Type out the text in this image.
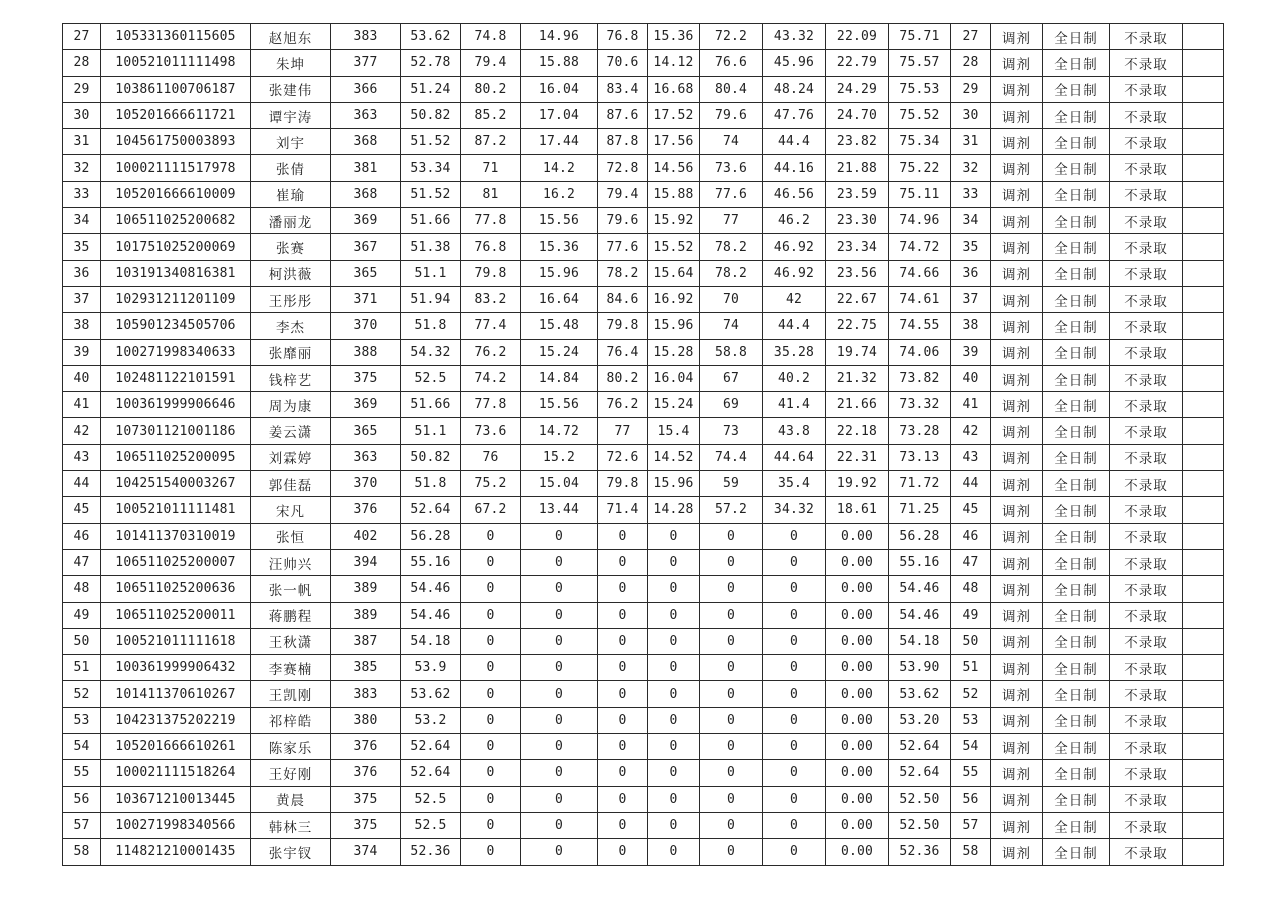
27	105331360115605	赵旭东	383	53.62	74.8	14.96	76.8	15.36	72.2	43.32	22.09	75.71	27	调剂	全日制	不录取	
28	100521011111498	朱坤	377	52.78	79.4	15.88	70.6	14.12	76.6	45.96	22.79	75.57	28	调剂	全日制	不录取	
29	103861100706187	张建伟	366	51.24	80.2	16.04	83.4	16.68	80.4	48.24	24.29	75.53	29	调剂	全日制	不录取	
30	105201666611721	谭宇涛	363	50.82	85.2	17.04	87.6	17.52	79.6	47.76	24.70	75.52	30	调剂	全日制	不录取	
31	104561750003893	刘宇	368	51.52	87.2	17.44	87.8	17.56	74	44.4	23.82	75.34	31	调剂	全日制	不录取	
32	100021111517978	张倩	381	53.34	71	14.2	72.8	14.56	73.6	44.16	21.88	75.22	32	调剂	全日制	不录取	
33	105201666610009	崔瑜	368	51.52	81	16.2	79.4	15.88	77.6	46.56	23.59	75.11	33	调剂	全日制	不录取	
34	106511025200682	潘丽龙	369	51.66	77.8	15.56	79.6	15.92	77	46.2	23.30	74.96	34	调剂	全日制	不录取	
35	101751025200069	张赛	367	51.38	76.8	15.36	77.6	15.52	78.2	46.92	23.34	74.72	35	调剂	全日制	不录取	
36	103191340816381	柯洪薇	365	51.1	79.8	15.96	78.2	15.64	78.2	46.92	23.56	74.66	36	调剂	全日制	不录取	
37	102931211201109	王彤彤	371	51.94	83.2	16.64	84.6	16.92	70	42	22.67	74.61	37	调剂	全日制	不录取	
38	105901234505706	李杰	370	51.8	77.4	15.48	79.8	15.96	74	44.4	22.75	74.55	38	调剂	全日制	不录取	
39	100271998340633	张靡丽	388	54.32	76.2	15.24	76.4	15.28	58.8	35.28	19.74	74.06	39	调剂	全日制	不录取	
40	102481122101591	钱梓艺	375	52.5	74.2	14.84	80.2	16.04	67	40.2	21.32	73.82	40	调剂	全日制	不录取	
41	100361999906646	周为康	369	51.66	77.8	15.56	76.2	15.24	69	41.4	21.66	73.32	41	调剂	全日制	不录取	
42	107301121001186	姜云潇	365	51.1	73.6	14.72	77	15.4	73	43.8	22.18	73.28	42	调剂	全日制	不录取	
43	106511025200095	刘霖婷	363	50.82	76	15.2	72.6	14.52	74.4	44.64	22.31	73.13	43	调剂	全日制	不录取	
44	104251540003267	郭佳磊	370	51.8	75.2	15.04	79.8	15.96	59	35.4	19.92	71.72	44	调剂	全日制	不录取	
45	100521011111481	宋凡	376	52.64	67.2	13.44	71.4	14.28	57.2	34.32	18.61	71.25	45	调剂	全日制	不录取	
46	101411370310019	张恒	402	56.28	0	0	0	0	0	0	0.00	56.28	46	调剂	全日制	不录取	
47	106511025200007	汪帅兴	394	55.16	0	0	0	0	0	0	0.00	55.16	47	调剂	全日制	不录取	
48	106511025200636	张一帆	389	54.46	0	0	0	0	0	0	0.00	54.46	48	调剂	全日制	不录取	
49	106511025200011	蒋鹏程	389	54.46	0	0	0	0	0	0	0.00	54.46	49	调剂	全日制	不录取	
50	100521011111618	王秋潇	387	54.18	0	0	0	0	0	0	0.00	54.18	50	调剂	全日制	不录取	
51	100361999906432	李赛楠	385	53.9	0	0	0	0	0	0	0.00	53.90	51	调剂	全日制	不录取	
52	101411370610267	王凯刚	383	53.62	0	0	0	0	0	0	0.00	53.62	52	调剂	全日制	不录取	
53	104231375202219	祁梓皓	380	53.2	0	0	0	0	0	0	0.00	53.20	53	调剂	全日制	不录取	
54	105201666610261	陈家乐	376	52.64	0	0	0	0	0	0	0.00	52.64	54	调剂	全日制	不录取	
55	100021111518264	王好刚	376	52.64	0	0	0	0	0	0	0.00	52.64	55	调剂	全日制	不录取	
56	103671210013445	黄晨	375	52.5	0	0	0	0	0	0	0.00	52.50	56	调剂	全日制	不录取	
57	100271998340566	韩林三	375	52.5	0	0	0	0	0	0	0.00	52.50	57	调剂	全日制	不录取	
58	114821210001435	张宇钗	374	52.36	0	0	0	0	0	0	0.00	52.36	58	调剂	全日制	不录取	
